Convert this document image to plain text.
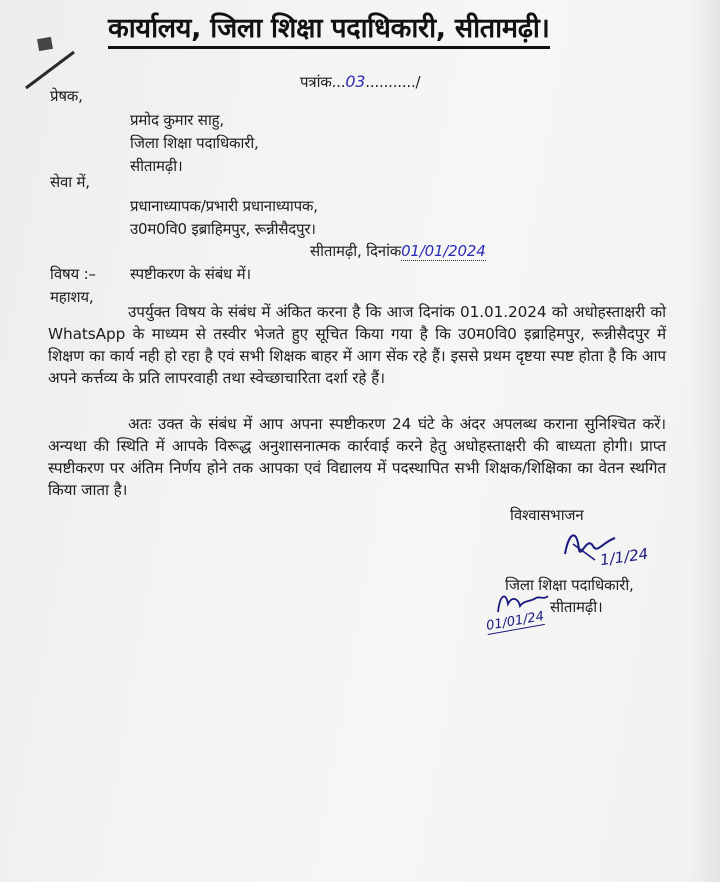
कार्यालय, जिला शिक्षा पदाधिकारी, सीतामढ़ी।
पत्रांक...03.........../
प्रेषक,
प्रमोद कुमार साहु,
जिला शिक्षा पदाधिकारी,
सीतामढ़ी।
सेवा में,
प्रधानाध्यापक/प्रभारी प्रधानाध्यापक,
उ0म0वि0 इब्राहिमपुर, रून्नीसैदपुर।
सीतामढ़ी, दिनांक01/01/2024
विषय :– स्पष्टीकरण के संबंध में।
महाशय,
उपर्युक्त विषय के संबंध में अंकित करना है कि आज दिनांक 01.01.2024 को अधोहस्ताक्षरी को WhatsApp के माध्यम से तस्वीर भेजते हुए सूचित किया गया है कि उ0म0वि0 इब्राहिमपुर, रून्नीसैदपुर में शिक्षण का कार्य नही हो रहा है एवं सभी शिक्षक बाहर में आग सेंक रहे हैं। इससे प्रथम दृष्टया स्पष्ट होता है कि आप अपने कर्त्तव्य के प्रति लापरवाही तथा स्वेच्छाचारिता दर्शा रहे हैं।
अतः उक्त के संबंध में आप अपना स्पष्टीकरण 24 घंटे के अंदर अपलब्ध कराना सुनिश्चित करें। अन्यथा की स्थिति में आपके विरूद्ध अनुशासनात्मक कार्रवाई करने हेतु अधोहस्ताक्षरी की बाध्यता होगी। प्राप्त स्पष्टीकरण पर अंतिम निर्णय होने तक आपका एवं विद्यालय में पदस्थापित सभी शिक्षक/शिक्षिका का वेतन स्थगित किया जाता है।
विश्वासभाजन
1/1/24
जिला शिक्षा पदाधिकारी,
सीतामढ़ी।
01/01/24
